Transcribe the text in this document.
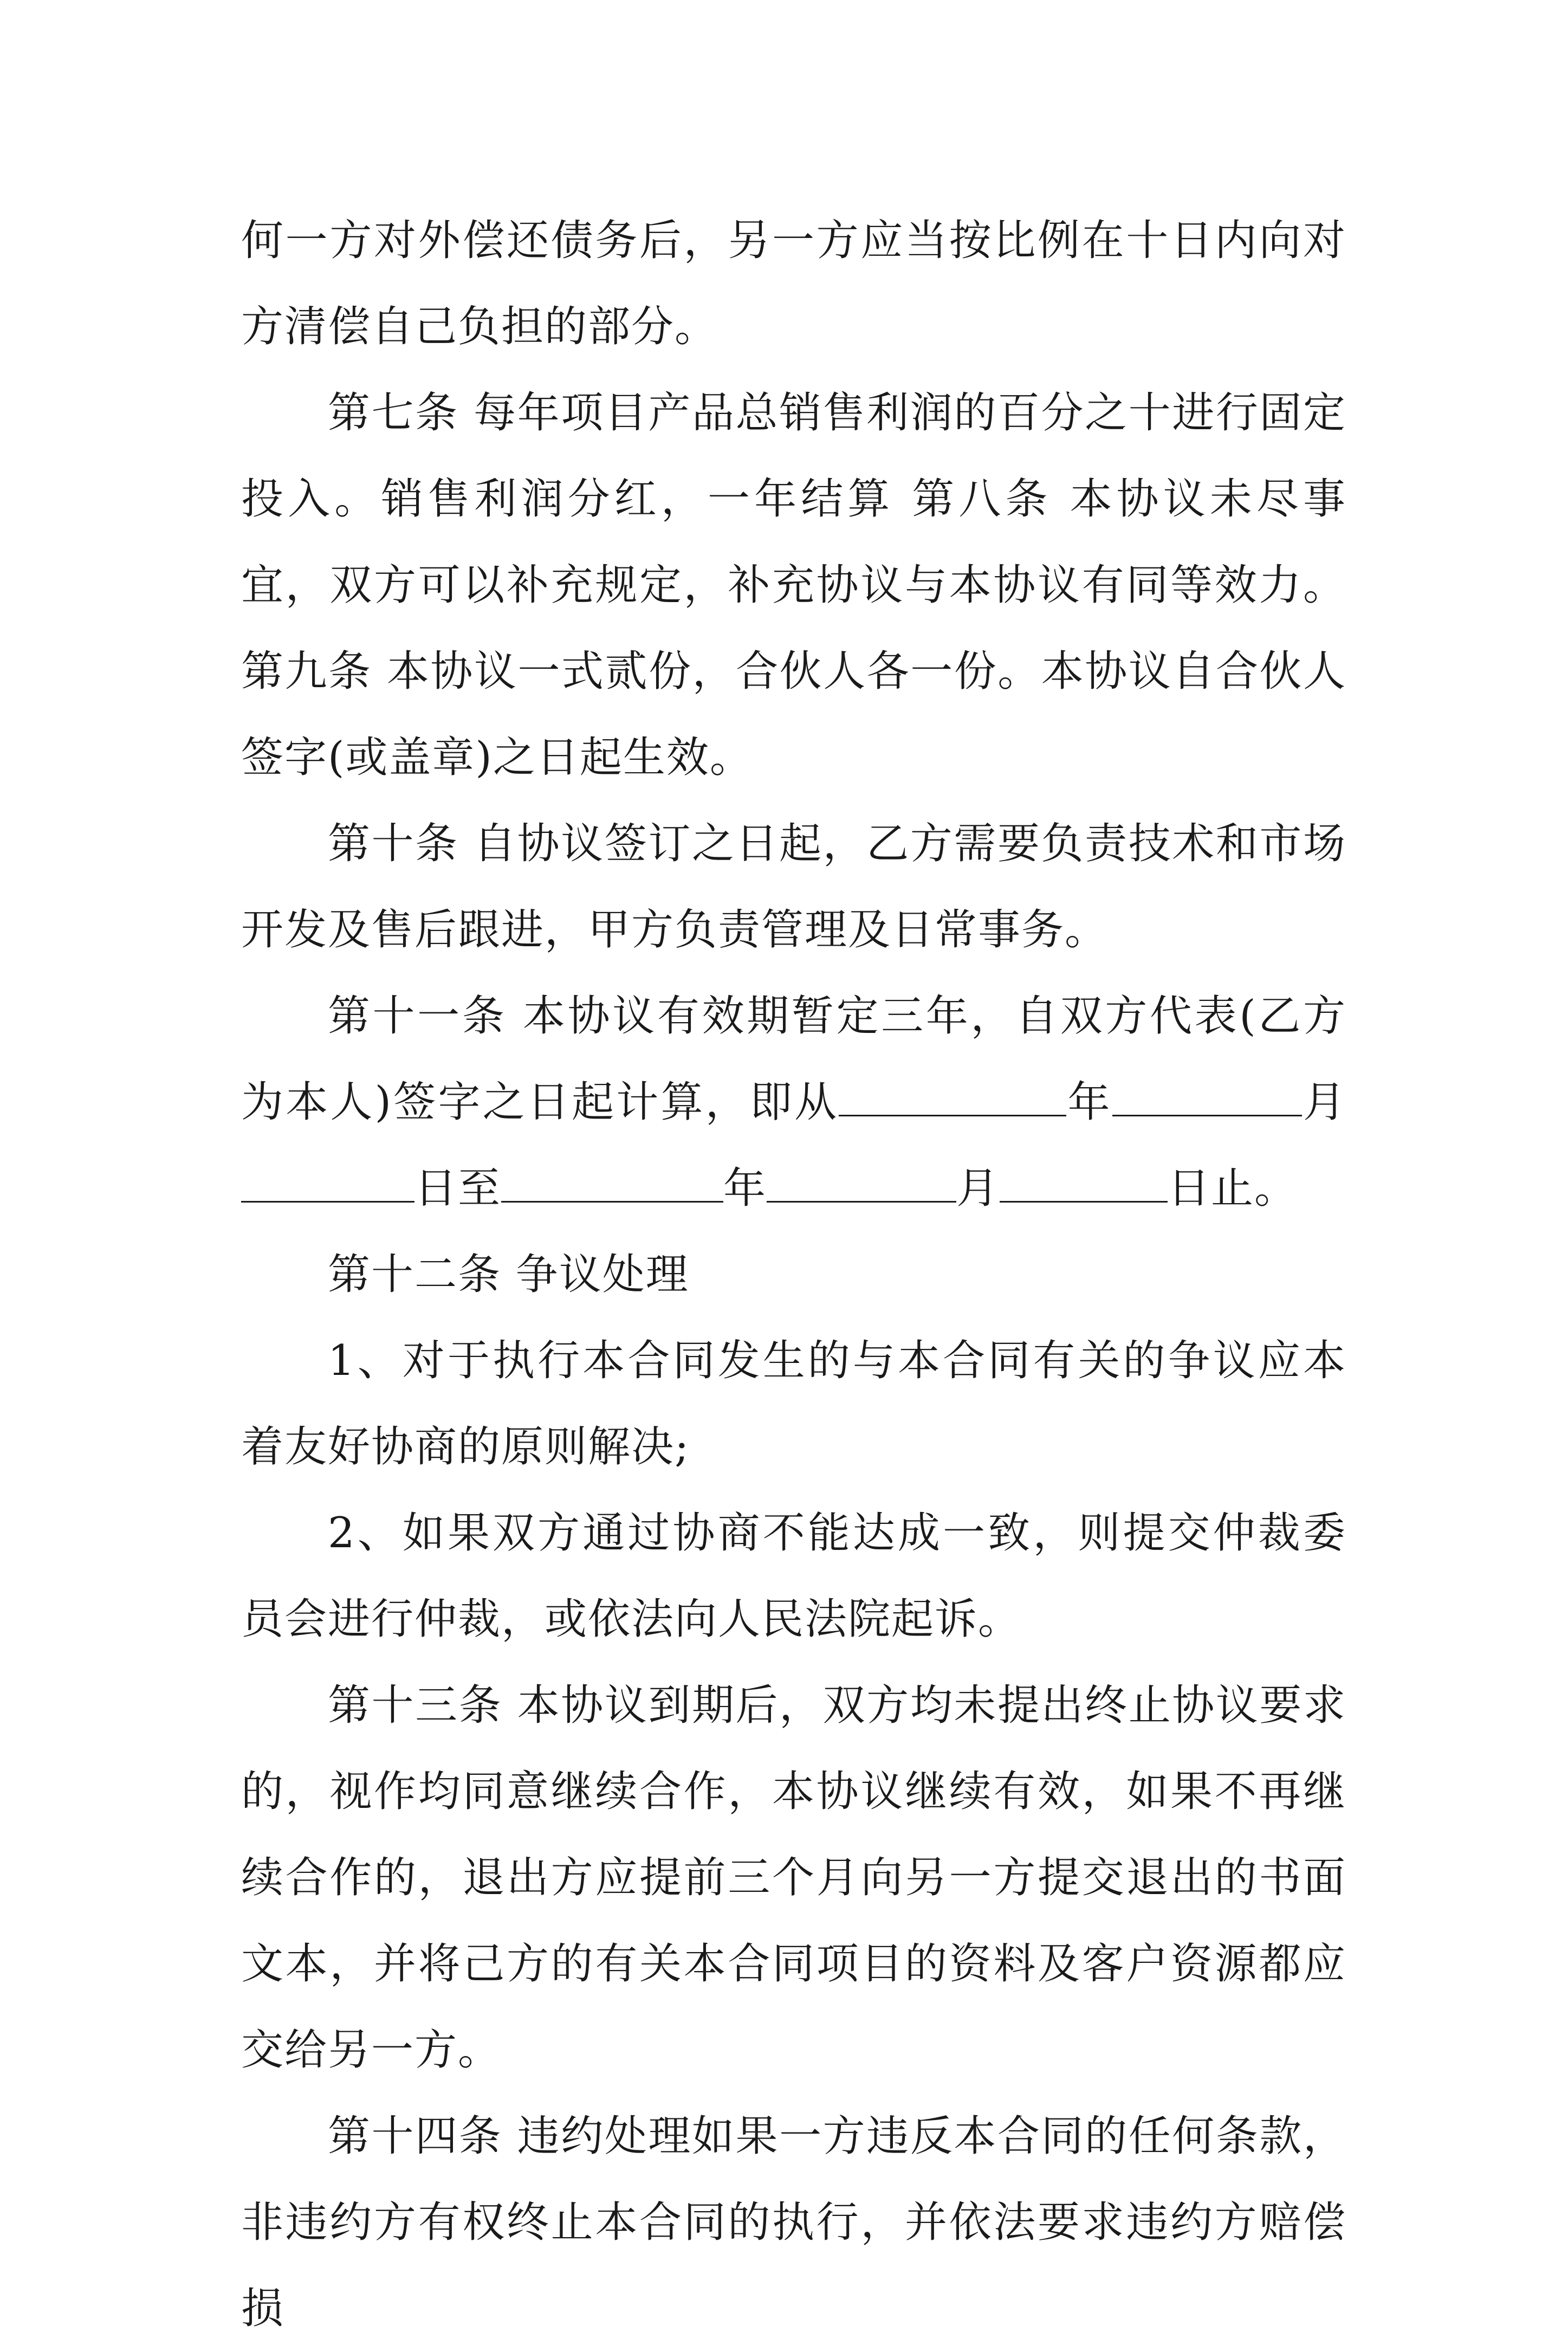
何一方对外偿还债务后，另一方应当按比例在十日内向对方清偿自己负担的部分。

第七条 每年项目产品总销售利润的百分之十进行固定投入。销售利润分红，一年结算 第八条 本协议未尽事宜，双方可以补充规定，补充协议与本协议有同等效力。 第九条 本协议一式贰份，合伙人各一份。本协议自合伙人签字(或盖章)之日起生效。

第十条 自协议签订之日起，乙方需要负责技术和市场开发及售后跟进，甲方负责管理及日常事务。

第十一条 本协议有效期暂定三年，自双方代表(乙方为本人)签字之日起计算，即从	年	月日至	年	月	日止。

第十二条 争议处理

1、对于执行本合同发生的与本合同有关的争议应本着友好协商的原则解决;

2、如果双方通过协商不能达成一致，则提交仲裁委员会进行仲裁，或依法向人民法院起诉。

第十三条 本协议到期后，双方均未提出终止协议要求的，视作均同意继续合作，本协议继续有效，如果不再继续合作的，退出方应提前三个月向另一方提交退出的书面文本，并将己方的有关本合同项目的资料及客户资源都应交给另一方。

第十四条 违约处理如果一方违反本合同的任何条款，非违约方有权终止本合同的执行，并依法要求违约方赔偿损
